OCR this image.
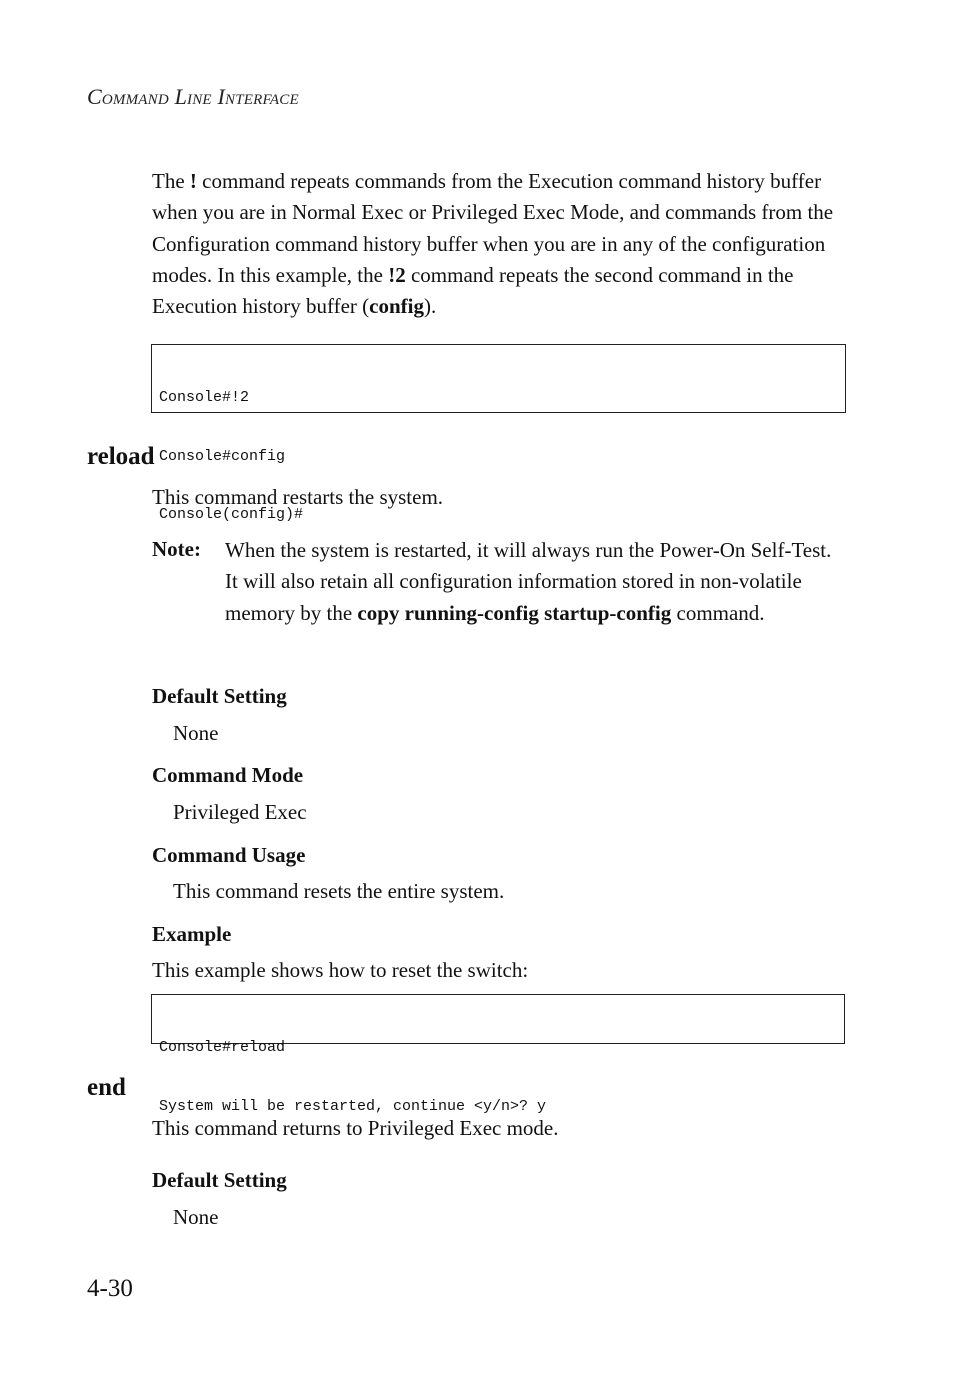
Command Line Interface
The ! command repeats commands from the Execution command history buffer when you are in Normal Exec or Privileged Exec Mode, and commands from the Configuration command history buffer when you are in any of the configuration modes. In this example, the !2 command repeats the second command in the Execution history buffer (config).

Console#!2

Console#config

Console(config)#

reload
This command restarts the system.
Note: When the system is restarted, it will always run the Power-On Self-Test. It will also retain all configuration information stored in non-volatile memory by the copy running-config startup-config command.
Default Setting
None
Command Mode
Privileged Exec
Command Usage
This command resets the entire system.
Example
This example shows how to reset the switch:

Console#reload

System will be restarted, continue <y/n>? y

end
This command returns to Privileged Exec mode.
Default Setting
None
4-30
